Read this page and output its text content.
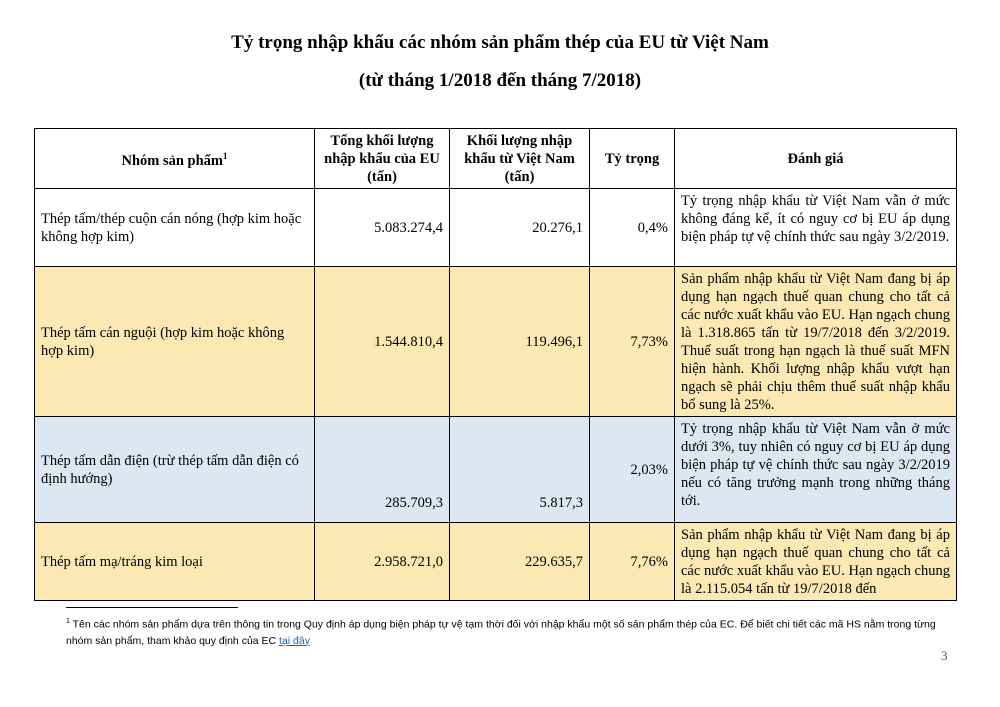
Tỷ trọng nhập khẩu các nhóm sản phẩm thép của EU từ Việt Nam
(từ tháng 1/2018 đến tháng 7/2018)
Nhóm sản phẩm$^1$	Tổng khối lượng nhập khẩu của EU (tấn)	Khối lượng nhập khẩu từ Việt Nam (tấn)	Tỷ trọng	Đánh giá
Thép tấm/thép cuộn cán nóng (hợp kim hoặc không hợp kim)	5.083.274,4	20.276,1	0,4%	Tỷ trọng nhập khẩu từ Việt Nam vẫn ở mức không đáng kể, ít có nguy cơ bị EU áp dụng biện pháp tự vệ chính thức sau ngày 3/2/2019.
Thép tấm cán nguội (hợp kim hoặc không hợp kim)	1.544.810,4	119.496,1	7,73%	Sản phẩm nhập khẩu từ Việt Nam đang bị áp dụng hạn ngạch thuế quan chung cho tất cả các nước xuất khẩu vào EU. Hạn ngạch chung là 1.318.865 tấn từ 19/7/2018 đến 3/2/2019. Thuế suất trong hạn ngạch là thuế suất MFN hiện hành. Khối lượng nhập khẩu vượt hạn ngạch sẽ phải chịu thêm thuế suất nhập khẩu bổ sung là 25%.
Thép tấm dẫn điện (trừ thép tấm dẫn điện có định hướng)	285.709,3	5.817,3	2,03%	Tỷ trọng nhập khẩu từ Việt Nam vẫn ở mức dưới 3%, tuy nhiên có nguy cơ bị EU áp dụng biện pháp tự vệ chính thức sau ngày 3/2/2019 nếu có tăng trưởng mạnh trong những tháng tới.
Thép tấm mạ/tráng kim loại	2.958.721,0	229.635,7	7,76%	Sản phẩm nhập khẩu từ Việt Nam đang bị áp dụng hạn ngạch thuế quan chung cho tất cả các nước xuất khẩu vào EU. Hạn ngạch chung là 2.115.054 tấn từ 19/7/2018 đến
$^1$ Tên các nhóm sản phẩm dựa trên thông tin trong Quy định áp dụng biện pháp tự vệ tạm thời đối với nhập khẩu một số sản phẩm thép của EC. Để biết chi tiết các mã HS nằm trong từng nhóm sản phẩm, tham khảo quy định của EC tại đây
3
